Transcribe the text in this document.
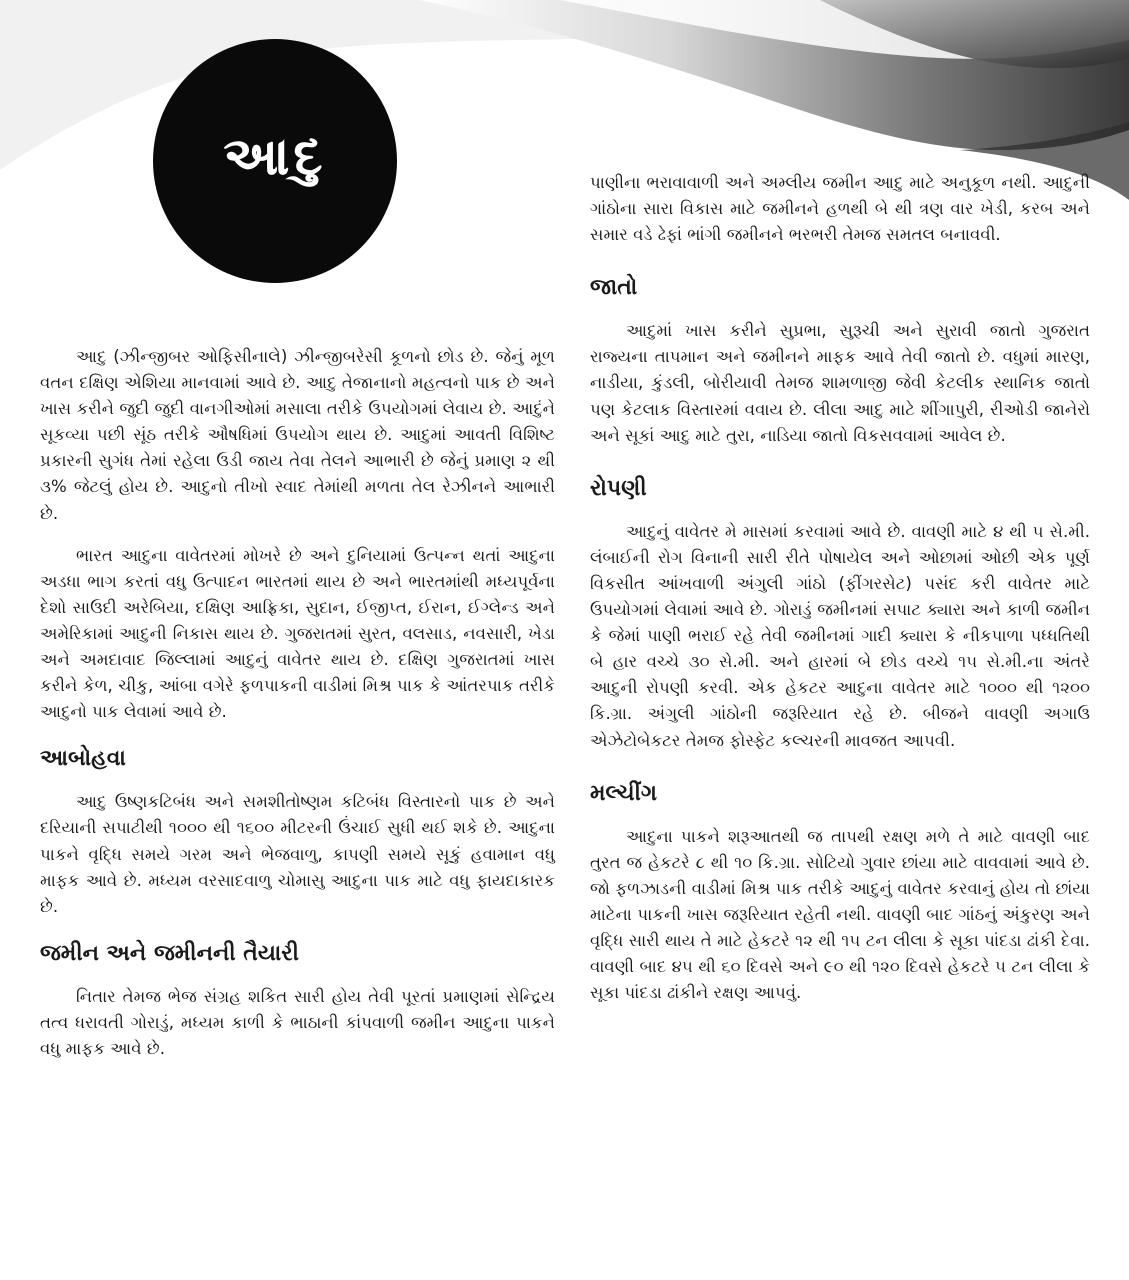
આદુ

આદુ (ઝીન્જીબર ઓફિસીનાલે) ઝીન્જીબરેસી કૂળનો છોડ છે. જેનું મૂળ વતન દક્ષિણ એશિયા માનવામાં આવે છે. આદુ તેજાનાનો મહત્વનો પાક છે અને ખાસ કરીને જુદી જુદી વાનગીઓમાં મસાલા તરીકે ઉપયોગમાં લેવાય છે. આદુંને સૂકવ્યા પછી સૂંઠ તરીકે ઔષધિમાં ઉપયોગ થાય છે. આદુમાં આવતી વિશિષ્ટ પ્રકારની સુગંધ તેમાં રહેલા ઉડી જાય તેવા તેલને આભારી છે જેનું પ્રમાણ ૨ થી ૩% જેટલું હોય છે. આદુનો તીખો સ્વાદ તેમાંથી મળતા તેલ રેઝીનને આભારી છે.

ભારત આદુના વાવેતરમાં મોખરે છે અને દુનિયામાં ઉત્પન્ન થતાં આદુના અડધા ભાગ કરતાં વધુ ઉત્પાદન ભારતમાં થાય છે અને ભારતમાંથી મધ્યપૂર્વના દેશો સાઉદી અરેબિયા, દક્ષિણ આફ્રિકા, સુદાન, ઈજીપ્ત, ઈરાન, ઈગ્લેન્ડ અને અમેરિકામાં આદુની નિકાસ થાય છે. ગુજરાતમાં સુરત, વલસાડ, નવસારી, ખેડા અને અમદાવાદ જિલ્લામાં આદુનું વાવેતર થાય છે. દક્ષિણ ગુજરાતમાં ખાસ કરીને કેળ, ચીકુ, આંબા વગેરે ફળપાકની વાડીમાં મિશ્ર પાક કે આંતરપાક તરીકે આદુનો પાક લેવામાં આવે છે.

આબોહવા

આદુ ઉષ્ણકટિબંધ અને સમશીતોષ્ણમ કટિબંધ વિસ્તારનો પાક છે અને દરિયાની સપાટીથી ૧૦૦૦ થી ૧૬૦૦ મીટરની ઉંચાઈ સુધી થઈ શકે છે. આદુના પાકને વૃદ્ધિ સમયે ગરમ અને ભેજવાળુ, કાપણી સમયે સૂકું હવામાન વધુ માફક આવે છે. મધ્યમ વરસાદવાળુ ચોમાસુ આદુના પાક માટે વધુ ફાયદાકારક છે.

જમીન અને જમીનની તૈયારી

નિતાર તેમજ ભેજ સંગ્રહ શકિત સારી હોય તેવી પૂરતાં પ્રમાણમાં સેન્દ્રિય તત્વ ધરાવતી ગોરાડું, મધ્યમ કાળી કે ભાઠાની કાંપવાળી જમીન આદુના પાકને વધુ માફક આવે છે.

પાણીના ભરાવાવાળી અને અમ્લીય જમીન આદુ માટે અનુકૂળ નથી. આદુની ગાંઠોના સારા વિકાસ માટે જમીનને હળથી બે થી ત્રણ વાર ખેડી, કરબ અને સમાર વડે ઢેફાં ભાંગી જમીનને ભરભરી તેમજ સમતલ બનાવવી.

જાતો

આદુમાં ખાસ કરીને સુપ્રભા, સુરૂચી અને સુરાવી જાતો ગુજરાત રાજ્યના તાપમાન અને જમીનને માફક આવે તેવી જાતો છે. વધુમાં મારણ, નાડીયા, કુંડલી, બોરીયાવી તેમજ શામળાજી જેવી કેટલીક સ્થાનિક જાતો પણ કેટલાક વિસ્તારમાં વવાય છે. લીલા આદુ માટે શીંગાપુરી, રીઓડી જાનેરો અને સૂકાં આદુ માટે તુરા, નાડિયા જાતો વિકસવવામાં આવેલ છે.

રોપણી

આદુનું વાવેતર મે માસમાં કરવામાં આવે છે. વાવણી માટે ૪ થી ૫ સે.મી. લંબાઈની રોગ વિનાની સારી રીતે પોષાયેલ અને ઓછામાં ઓછી એક પૂર્ણ વિકસીત આંખવાળી અંગુલી ગાંઠો (ફીંગરસેટ) પસંદ કરી વાવેતર માટે ઉપયોગમાં લેવામાં આવે છે. ગોરાડું જમીનમાં સપાટ ક્યારા અને કાળી જમીન કે જેમાં પાણી ભરાઈ રહે તેવી જમીનમાં ગાદી ક્યારા કે નીકપાળા પધ્ધતિથી બે હાર વચ્ચે ૩૦ સે.મી. અને હારમાં બે છોડ વચ્ચે ૧૫ સે.મી.ના અંતરે આદુની રોપણી કરવી. એક હેકટર આદુના વાવેતર માટે ૧૦૦૦ થી ૧૨૦૦ કિ.ગ્રા. અંગુલી ગાંઠોની જરૂરિયાત રહે છે. બીજને વાવણી અગાઉ એઝેટોબેકટર તેમજ ફોસ્ફેટ કલ્ચરની માવજત આપવી.

મલ્ચીંગ

આદુના પાકને શરૂઆતથી જ તાપથી રક્ષણ મળે તે માટે વાવણી બાદ તુરત જ હેકટરે ૮ થી ૧૦ કિ.ગ્રા. સોટિયો ગુવાર છાંયા માટે વાવવામાં આવે છે. જો ફળઝાડની વાડીમાં મિશ્ર પાક તરીકે આદુનું વાવેતર કરવાનું હોય તો છાંયા માટેના પાકની ખાસ જરૂરિયાત રહેતી નથી. વાવણી બાદ ગાંઠનું અંકુરણ અને વૃદ્ધિ સારી થાય તે માટે હેકટરે ૧૨ થી ૧૫ ટન લીલા કે સૂકા પાંદડા ઢાંકી દેવા. વાવણી બાદ ૪૫ થી ૬૦ દિવસે અને ૯૦ થી ૧૨૦ દિવસે હેકટરે ૫ ટન લીલા કે સૂકા પાંદડા ઢાંકીને રક્ષણ આપવું.
